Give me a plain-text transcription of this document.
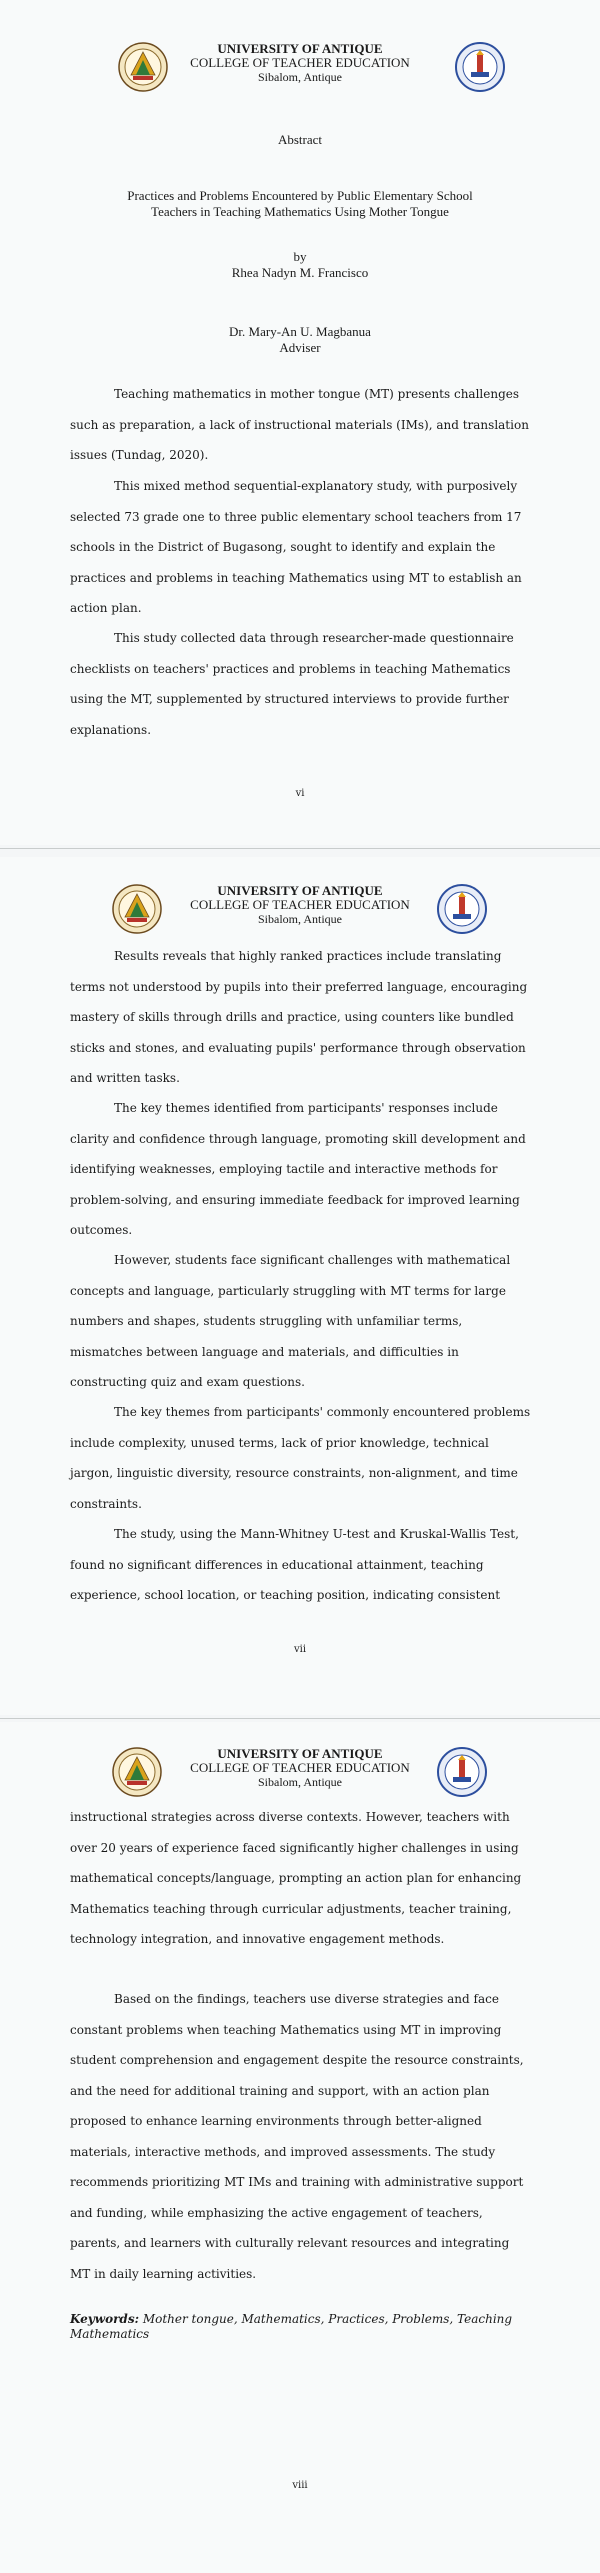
UNIVERSITY OF ANTIQUE
COLLEGE OF TEACHER EDUCATION
Sibalom, Antique
Abstract
Practices and Problems Encountered by Public Elementary School
Teachers in Teaching Mathematics Using Mother Tongue
by
Rhea Nadyn M. Francisco
Dr. Mary-An U. Magbanua
Adviser

Teaching mathematics in mother tongue (MT) presents challenges such as preparation, a lack of instructional materials (IMs), and translation issues (Tundag, 2020).

This mixed method sequential-explanatory study, with purposively selected 73 grade one to three public elementary school teachers from 17 schools in the District of Bugasong, sought to identify and explain the practices and problems in teaching Mathematics using MT to establish an action plan.

This study collected data through researcher-made questionnaire checklists on teachers' practices and problems in teaching Mathematics using the MT, supplemented by structured interviews to provide further explanations.

vi
UNIVERSITY OF ANTIQUE
COLLEGE OF TEACHER EDUCATION
Sibalom, Antique

Results reveals that highly ranked practices include translating terms not understood by pupils into their preferred language, encouraging mastery of skills through drills and practice, using counters like bundled sticks and stones, and evaluating pupils' performance through observation and written tasks.

The key themes identified from participants' responses include clarity and confidence through language, promoting skill development and identifying weaknesses, employing tactile and interactive methods for problem-solving, and ensuring immediate feedback for improved learning outcomes.

However, students face significant challenges with mathematical concepts and language, particularly struggling with MT terms for large numbers and shapes, students struggling with unfamiliar terms, mismatches between language and materials, and difficulties in constructing quiz and exam questions.

The key themes from participants' commonly encountered problems include complexity, unused terms, lack of prior knowledge, technical jargon, linguistic diversity, resource constraints, non-alignment, and time constraints.

The study, using the Mann-Whitney U-test and Kruskal-Wallis Test, found no significant differences in educational attainment, teaching experience, school location, or teaching position, indicating consistent

vii
UNIVERSITY OF ANTIQUE
COLLEGE OF TEACHER EDUCATION
Sibalom, Antique

instructional strategies across diverse contexts. However, teachers with over 20 years of experience faced significantly higher challenges in using mathematical concepts/language, prompting an action plan for enhancing Mathematics teaching through curricular adjustments, teacher training, technology integration, and innovative engagement methods.

Based on the findings, teachers use diverse strategies and face constant problems when teaching Mathematics using MT in improving student comprehension and engagement despite the resource constraints, and the need for additional training and support, with an action plan proposed to enhance learning environments through better-aligned materials, interactive methods, and improved assessments. The study recommends prioritizing MT IMs and training with administrative support and funding, while emphasizing the active engagement of teachers, parents, and learners with culturally relevant resources and integrating MT in daily learning activities.

Keywords: Mother tongue, Mathematics, Practices, Problems, Teaching Mathematics
viii
